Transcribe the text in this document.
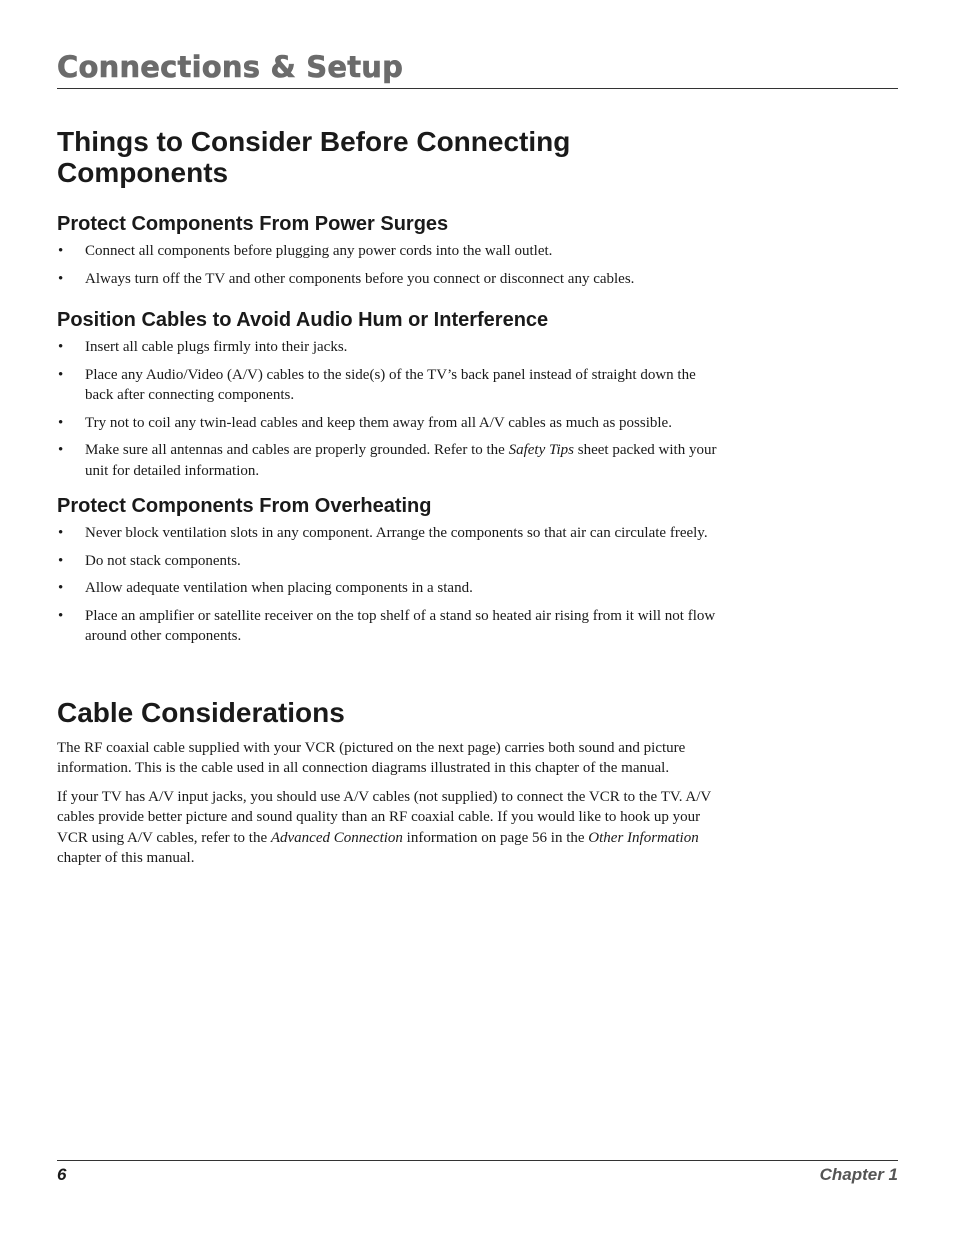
Connections & Setup
Things to Consider Before Connecting Components
Protect Components From Power Surges
• Connect all components before plugging any power cords into the wall outlet.
• Always turn off the TV and other components before you connect or disconnect any cables.
Position Cables to Avoid Audio Hum or Interference
• Insert all cable plugs firmly into their jacks.
• Place any Audio/Video (A/V) cables to the side(s) of the TV’s back panel instead of straight down the back after connecting components.
• Try not to coil any twin-lead cables and keep them away from all A/V cables as much as possible.
• Make sure all antennas and cables are properly grounded. Refer to the Safety Tips sheet packed with your unit for detailed information.
Protect Components From Overheating
• Never block ventilation slots in any component. Arrange the components so that air can circulate freely.
• Do not stack components.
• Allow adequate ventilation when placing components in a stand.
• Place an amplifier or satellite receiver on the top shelf of a stand so heated air rising from it will not flow around other components.
Cable Considerations

The RF coaxial cable supplied with your VCR (pictured on the next page) carries both sound and picture information. This is the cable used in all connection diagrams illustrated in this chapter of the manual.

If your TV has A/V input jacks, you should use A/V cables (not supplied) to connect the VCR to the TV. A/V cables provide better picture and sound quality than an RF coaxial cable. If you would like to hook up your VCR using A/V cables, refer to the Advanced Connection information on page 56 in the Other Information chapter of this manual.

6	Chapter 1
